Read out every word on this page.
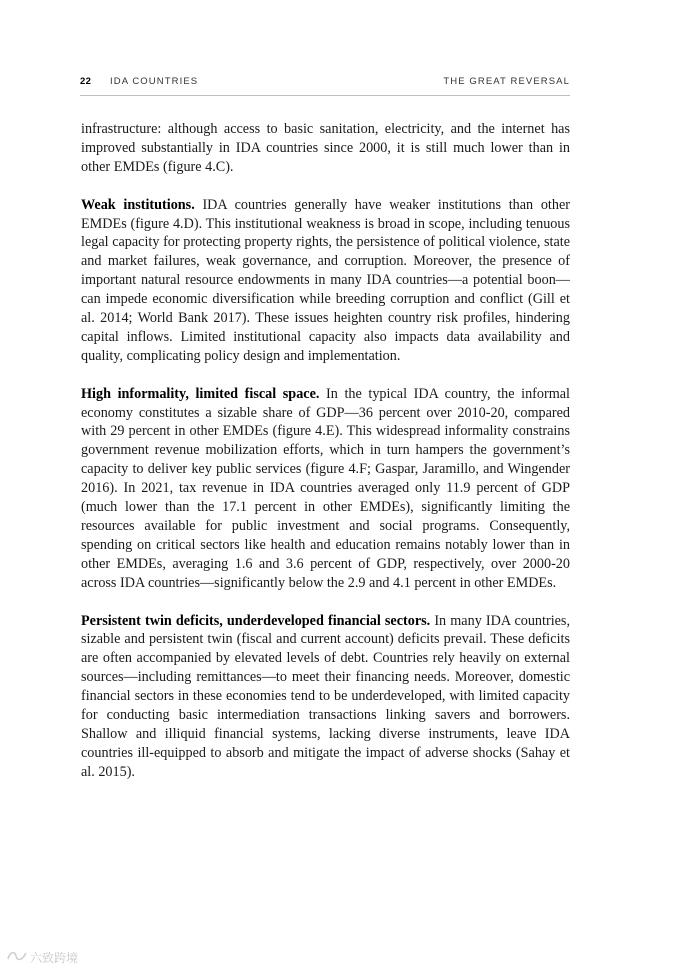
22 IDA COUNTRIES	THE GREAT REVERSAL

infrastructure: although access to basic sanitation, electricity, and the internet has improved substantially in IDA countries since 2000, it is still much lower than in other EMDEs (figure 4.C).

Weak institutions. IDA countries generally have weaker institutions than other EMDEs (figure 4.D). This institutional weakness is broad in scope, including tenuous legal capacity for protecting property rights, the persistence of political violence, state and market failures, weak governance, and corruption. Moreover, the presence of important natural resource endowments in many IDA countries—a potential boon—can impede economic diversification while breeding corruption and conflict (Gill et al. 2014; World Bank 2017). These issues heighten country risk profiles, hindering capital inflows. Limited institutional capacity also impacts data availability and quality, complicating policy design and implementation.

High informality, limited fiscal space. In the typical IDA country, the informal economy constitutes a sizable share of GDP—36 percent over 2010-20, compared with 29 percent in other EMDEs (figure 4.E). This widespread informality constrains government revenue mobilization efforts, which in turn hampers the government’s capacity to deliver key public services (figure 4.F; Gaspar, Jaramillo, and Wingender 2016). In 2021, tax revenue in IDA countries averaged only 11.9 percent of GDP (much lower than the 17.1 percent in other EMDEs), significantly limiting the resources available for public investment and social programs. Consequently, spending on critical sectors like health and education remains notably lower than in other EMDEs, averaging 1.6 and 3.6 percent of GDP, respectively, over 2000-20 across IDA countries—significantly below the 2.9 and 4.1 percent in other EMDEs.

Persistent twin deficits, underdeveloped financial sectors. In many IDA countries, sizable and persistent twin (fiscal and current account) deficits prevail. These deficits are often accompanied by elevated levels of debt. Countries rely heavily on external sources—including remittances—to meet their financing needs. Moreover, domestic financial sectors in these economies tend to be underdeveloped, with limited capacity for conducting basic intermediation transactions linking savers and borrowers. Shallow and illiquid financial systems, lacking diverse instruments, leave IDA countries ill-equipped to absorb and mitigate the impact of adverse shocks (Sahay et al. 2015).

六致跨境
